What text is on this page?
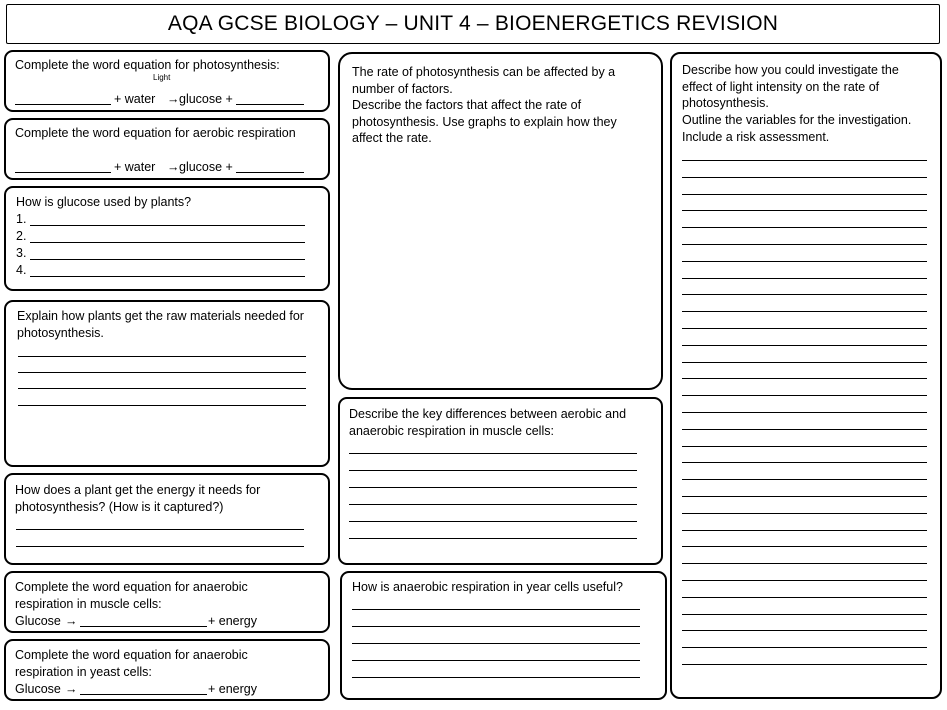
AQA GCSE BIOLOGY – UNIT 4 – BIOENERGETICS REVISION
Complete the word equation for photosynthesis:
Light
+ water → glucose +
Complete the word equation for aerobic respiration
+ water → glucose +
How is glucose used by plants?
1.
2.
3.
4.
Explain how plants get the raw materials needed for photosynthesis.
How does a plant get the energy it needs for photosynthesis? (How is it captured?)
Complete the word equation for anaerobic respiration in muscle cells:
Glucose →	+ energy
Complete the word equation for anaerobic respiration in yeast cells:
Glucose →	+ energy
The rate of photosynthesis can be affected by a number of factors.
Describe the factors that affect the rate of photosynthesis. Use graphs to explain how they affect the rate.
Describe the key differences between aerobic and anaerobic respiration in muscle cells:
How is anaerobic respiration in year cells useful?
Describe how you could investigate the effect of light intensity on the rate of photosynthesis.
Outline the variables for the investigation.
Include a risk assessment.
